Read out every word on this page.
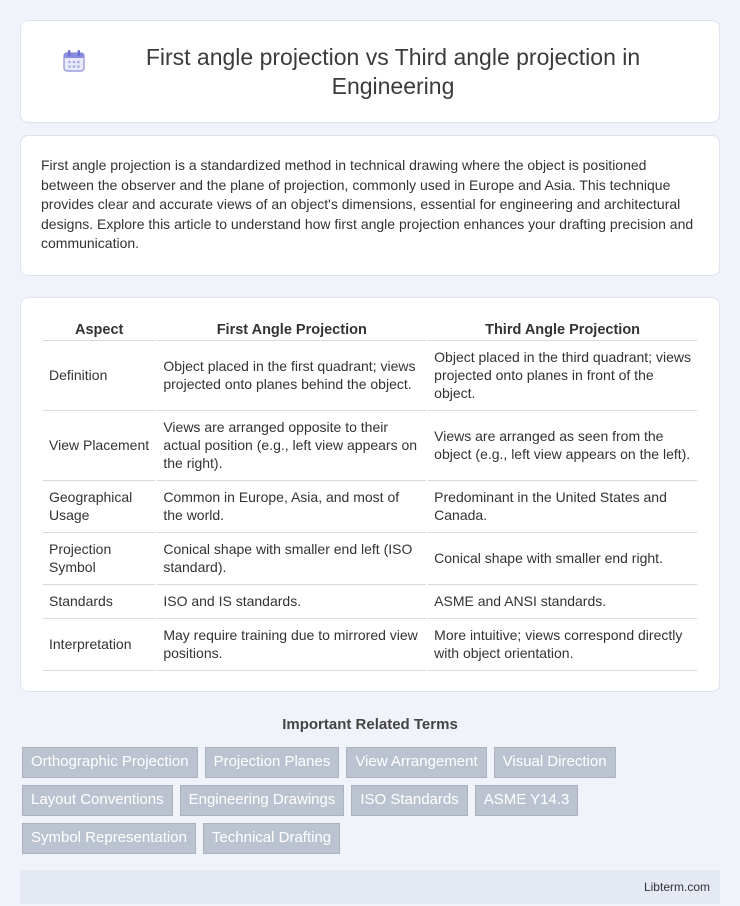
First angle projection vs Third angle projection in Engineering

First angle projection is a standardized method in technical drawing where the object is positioned between the observer and the plane of projection, commonly used in Europe and Asia. This technique provides clear and accurate views of an object's dimensions, essential for engineering and architectural designs. Explore this article to understand how first angle projection enhances your drafting precision and communication.

Aspect	First Angle Projection	Third Angle Projection
Definition	Object placed in the first quadrant; views projected onto planes behind the object.	Object placed in the third quadrant; views projected onto planes in front of the object.
View Placement	Views are arranged opposite to their actual position (e.g., left view appears on the right).	Views are arranged as seen from the object (e.g., left view appears on the left).
Geographical Usage	Common in Europe, Asia, and most of the world.	Predominant in the United States and Canada.
Projection Symbol	Conical shape with smaller end left (ISO standard).	Conical shape with smaller end right.
Standards	ISO and IS standards.	ASME and ANSI standards.
Interpretation	May require training due to mirrored view positions.	More intuitive; views correspond directly with object orientation.
Important Related Terms
Orthographic Projection	Projection Planes	View Arrangement	Visual Direction
Layout Conventions	Engineering Drawings	ISO Standards	ASME Y14.3
Symbol Representation	Technical Drafting
Libterm.com
